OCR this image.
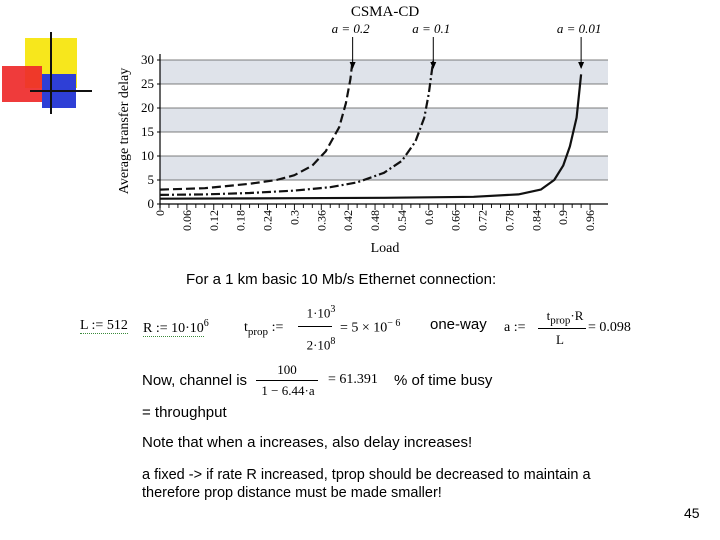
0
5
10
15
20
25
30
0 0.06 0.12 0.18 0.24 0.3 0.36 0.42 0.48 0.54 0.6 0.66 0.72 0.78 0.84 0.9 0.96
a = 0.2	a = 0.1	a = 0.01
CSMA-CD
Average transfer delay
Load
For a 1 km basic 10 Mb/s Ethernet connection:
L := 512 R := $10\cdot 10^6$	$t_{prop}$ :=
$1\cdot 10^3$
$2\cdot 10^8$
= $5 \times 10^{- 6}$ one-way a :=
$t_{prop}\cdot R$
L
= 0.098
Now, channel is
100
1 − 6.44·a
= 61.391 % of time busy
= throughput
Note that when a increases, also delay increases!
a fixed -> if rate R increased, tprop should be decreased to maintain a
therefore prop distance must be made smaller!
45
